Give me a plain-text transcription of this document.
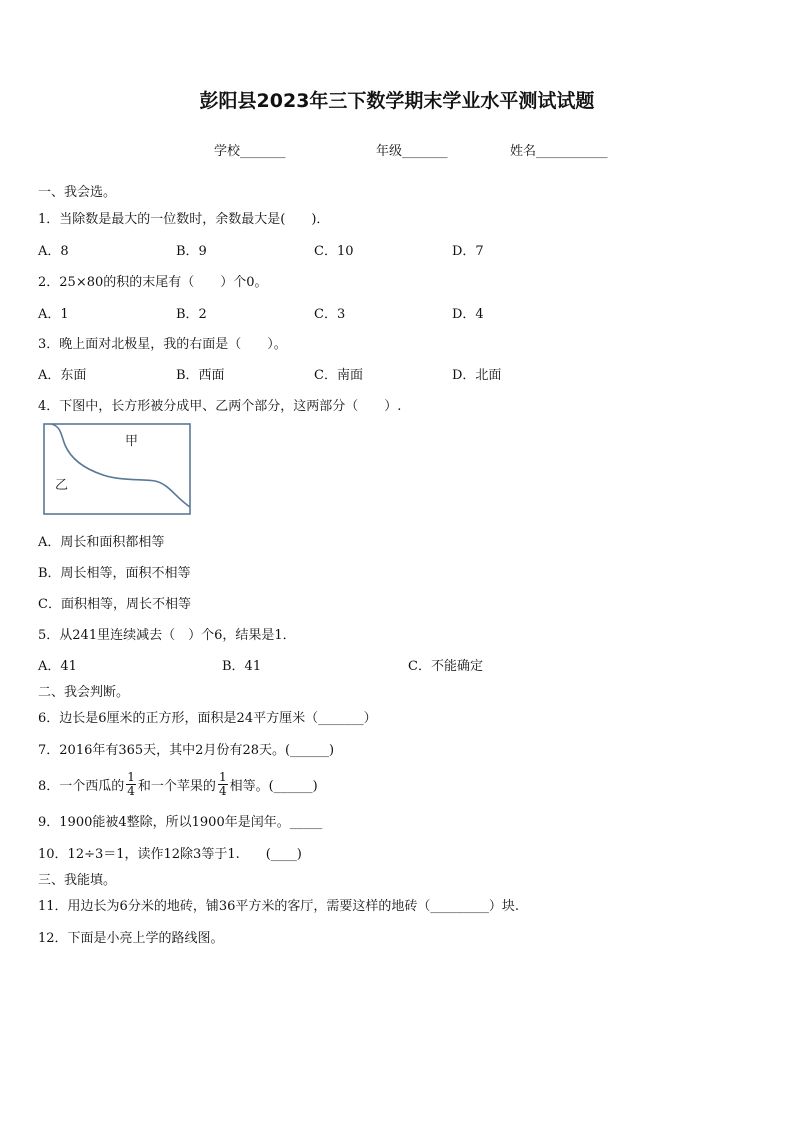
彭阳县2023年三下数学期末学业水平测试试题
学校_______	年级_______	姓名___________
一、我会选。
1．当除数是最大的一位数时，余数最大是(　　)．
A．8	B．9	C．10	D．7
2．25×80的积的末尾有（　　）个0。
A．1	B．2	C．3	D．4
3．晚上面对北极星，我的右面是（　　）。
A．东面	B．西面	C．南面	D．北面
4．下图中，长方形被分成甲、乙两个部分，这两部分（　　）.
甲
乙
A．周长和面积都相等
B．周长相等，面积不相等
C．面积相等，周长不相等
5．从241里连续减去（　）个6，结果是1．
A．41	B．41	C．不能确定
二、我会判断。
6．边长是6厘米的正方形，面积是24平方厘米（_______）
7．2016年有365天，其中2月份有28天。(______)
8．一个西瓜的 $\frac{1}{4}$ 和一个苹果的 $\frac{1}{4}$ 相等。(______)
9．1900能被4整除，所以1900年是闰年。_____
10．12÷3＝1，读作12除3等于1.　　(____)
三、我能填。
11．用边长为6分米的地砖，铺36平方米的客厅，需要这样的地砖（_________）块.
12．下面是小亮上学的路线图。
